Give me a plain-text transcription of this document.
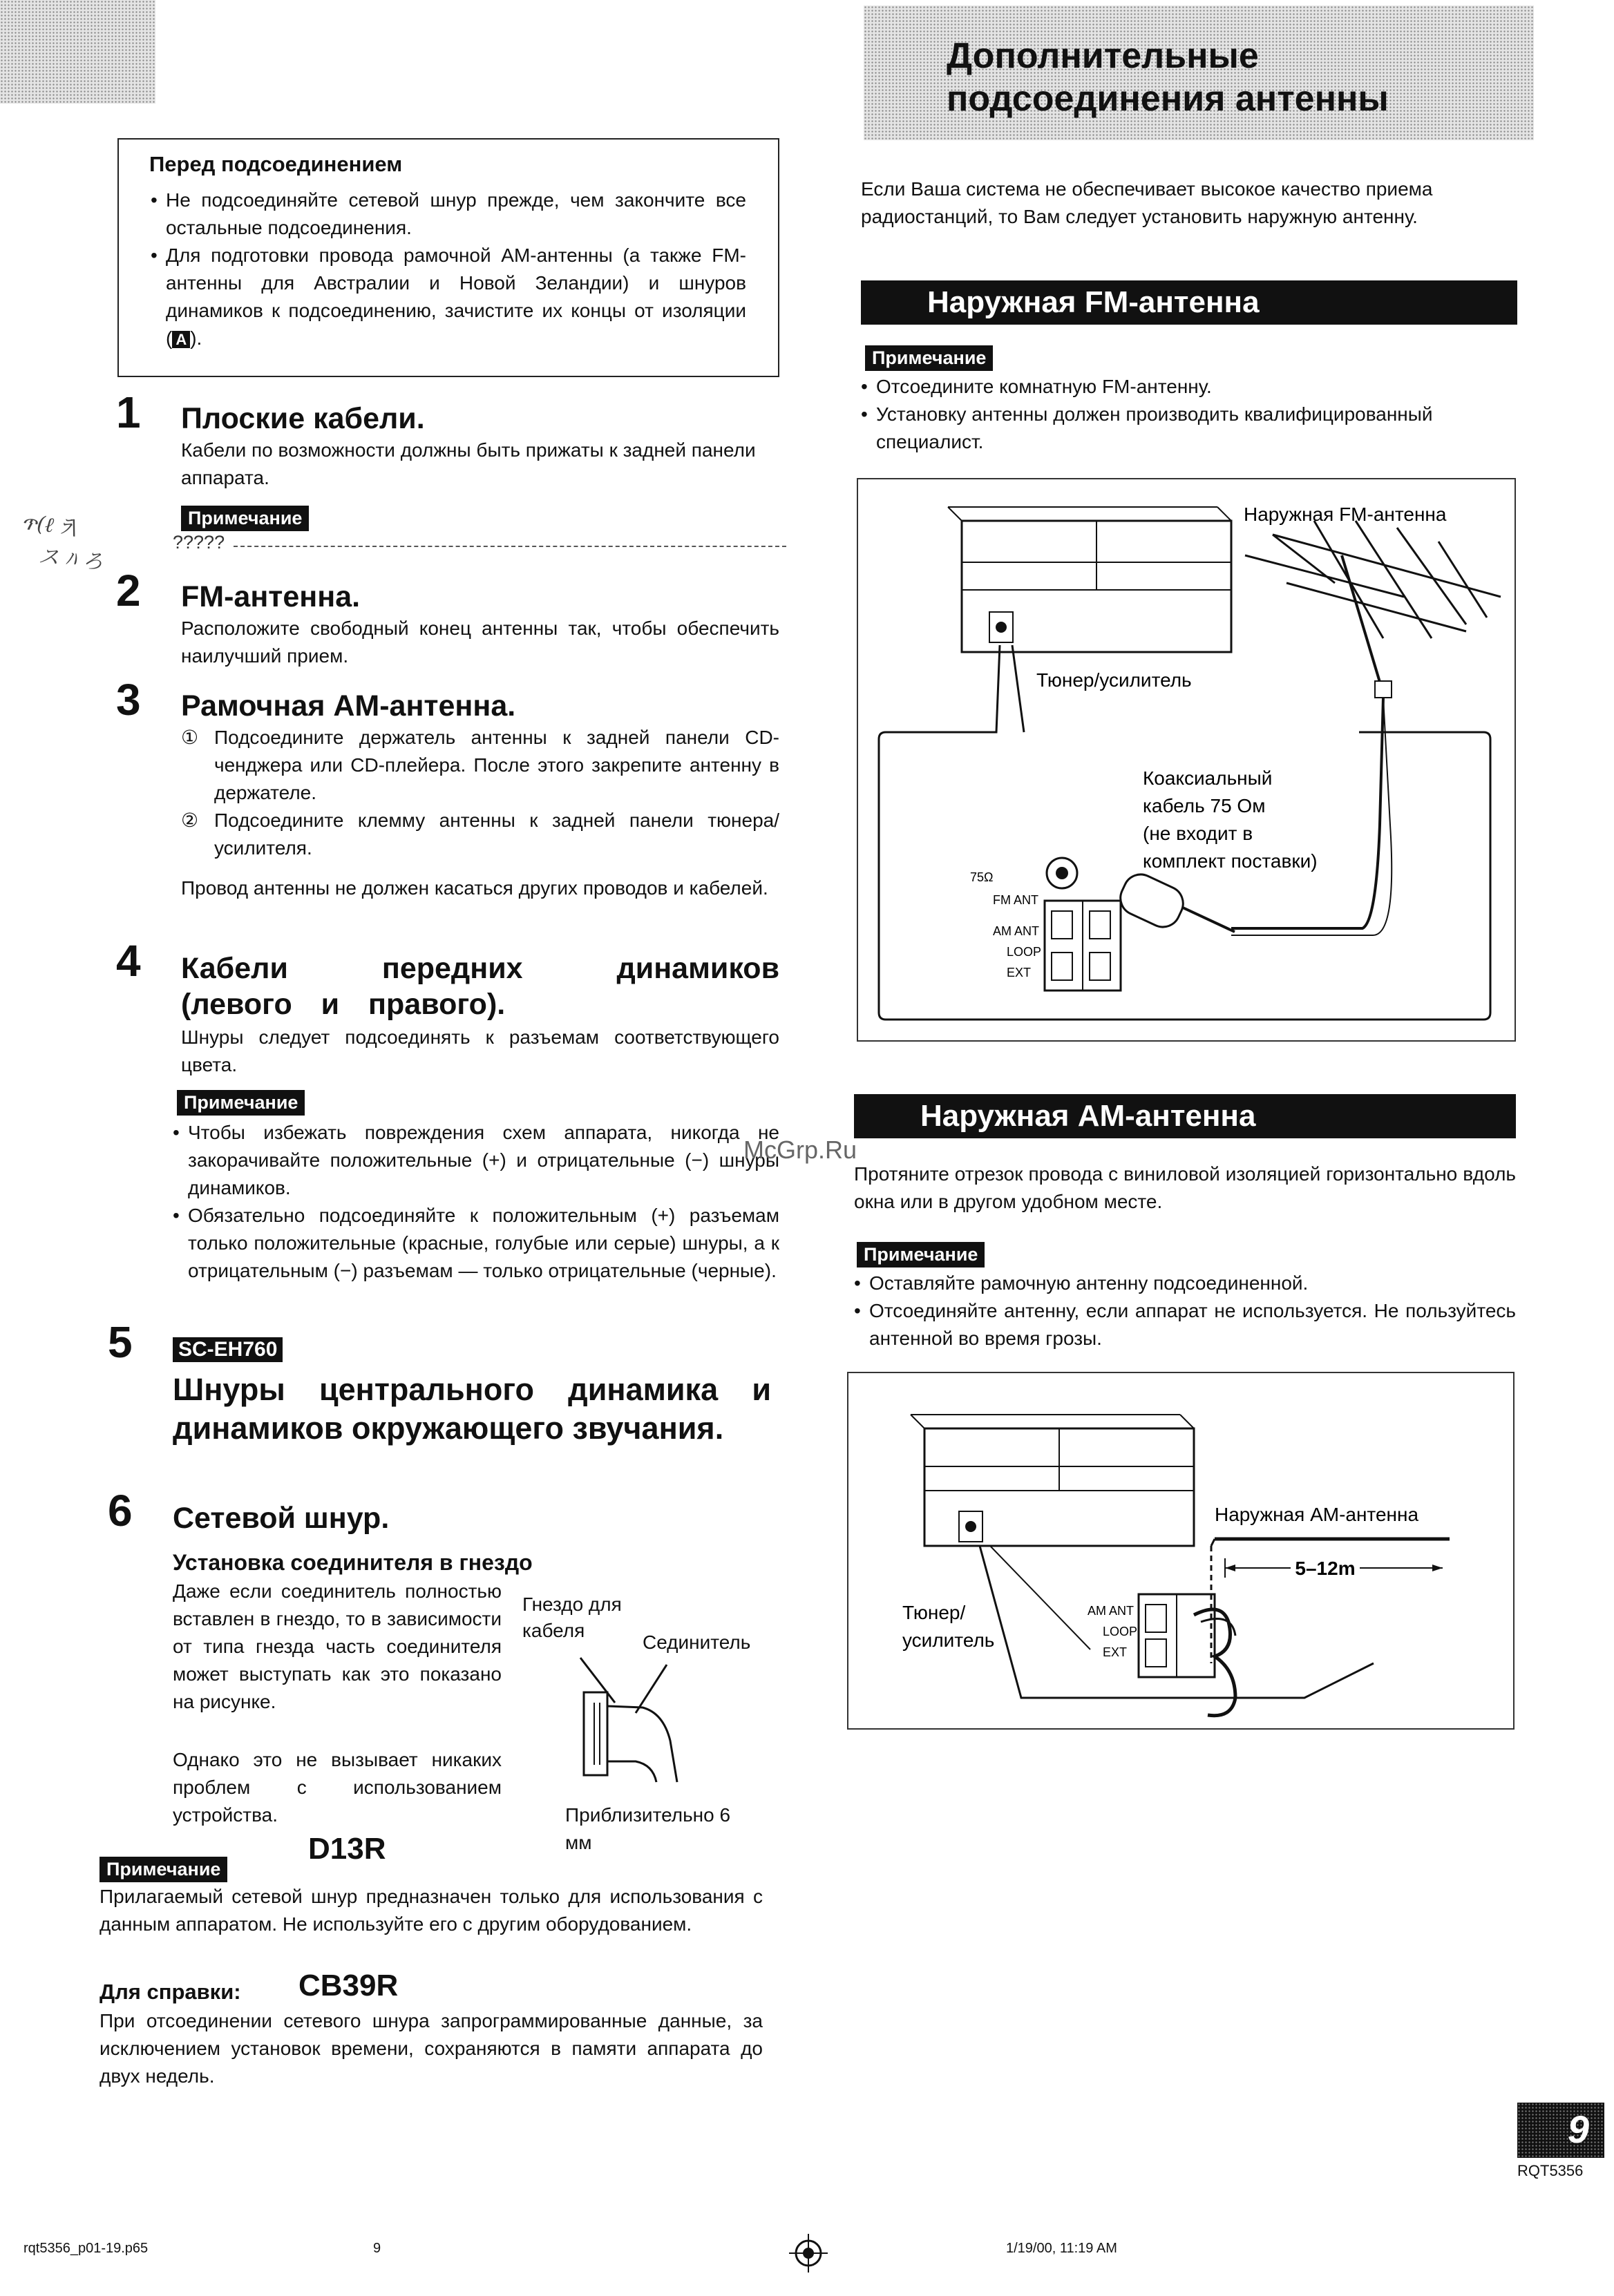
Дополнительные
подсоединения антенны
Перед подсоединением
• Не подсоединяйте сетевой шнур прежде, чем закончите все остальные подсоединения.
• Для подготовки провода рамочной АМ-антенны (а также FM-антенны для Австралии и Новой Зеландии) и шнуров динамиков к подсоединению, зачистите их концы от изоляции ( A ).
ጥ(ℓ ﾗ\
ス ﾊ ろ
1 Плоские кабели.
Кабели по возможности должны быть прижаты к задней панели аппарата.
Примечание
?????
2 FM-антенна.
Расположите свободный конец антенны так, чтобы обеспечить наилучший прием.
3 Рамочная АМ-антенна.
① Подсоедините держатель антенны к задней панели CD-ченджера или CD-плейера. После этого закрепите антенну в держателе.
② Подсоедините клемму антенны к задней панели тюнера/усилителя.
Провод антенны не должен касаться других проводов и кабелей.
4 Кабели передних динамиков (левого и правого).
Шнуры следует подсоединять к разъемам соответствующего цвета.
Примечание
• Чтобы избежать повреждения схем аппарата, никогда не закорачивайте положительные (+) и отрицательные (−) шнуры динамиков.
• Обязательно подсоединяйте к положительным (+) разъемам только положительные (красные, голубые или серые) шнуры, а к отрицательным (−) разъемам — только отрицательные (черные).
5 SC-EH760
Шнуры центрального динамика и динамиков окружающего звучания.
6 Сетевой шнур.
Установка соединителя в гнездо
Даже если соединитель полностью вставлен в гнездо, то в зависимости от типа гнезда часть соединителя может выступать как это показано на рисунке.
Однако это не вызывает никаких проблем с использованием устройства.
Гнездо для кабеля
Сединитель
Приблизительно 6 мм
D13R
CB39R
Примечание
Прилагаемый сетевой шнур предназначен только для использования с данным аппаратом. Не используйте его с другим оборудованием.
Для справки:
При отсоединении сетевого шнура запрограммированные данные, за исключением установок времени, сохраняются в памяти аппарата до двух недель.
Если Ваша система не обеспечивает высокое качество приема радиостанций, то Вам следует установить наружную антенну.
Наружная FM-антенна
Примечание
• Отсоедините комнатную FM-антенну.
• Установку антенны должен производить квалифицированный специалист.
75Ω
FM ANT
AM ANT
LOOP
EXT
Наружная FM-антенна
Тюнер/усилитель
Коаксиальный
кабель 75 Ом
(не входит в
комплект поставки)
Наружная АМ-антенна
Протяните отрезок провода с виниловой изоляцией горизонтально вдоль окна или в другом удобном месте.
Примечание
• Оставляйте рамочную антенну подсоединенной.
• Отсоединяйте антенну, если аппарат не используется. Не пользуйтесь антенной во время грозы.
AM ANT
LOOP
EXT
5–12m
Наружная АМ-антенна
Тюнер/
усилитель
McGrp.Ru
9
RQT5356
rqt5356_p01-19.p65	9	1/19/00, 11:19 AM
